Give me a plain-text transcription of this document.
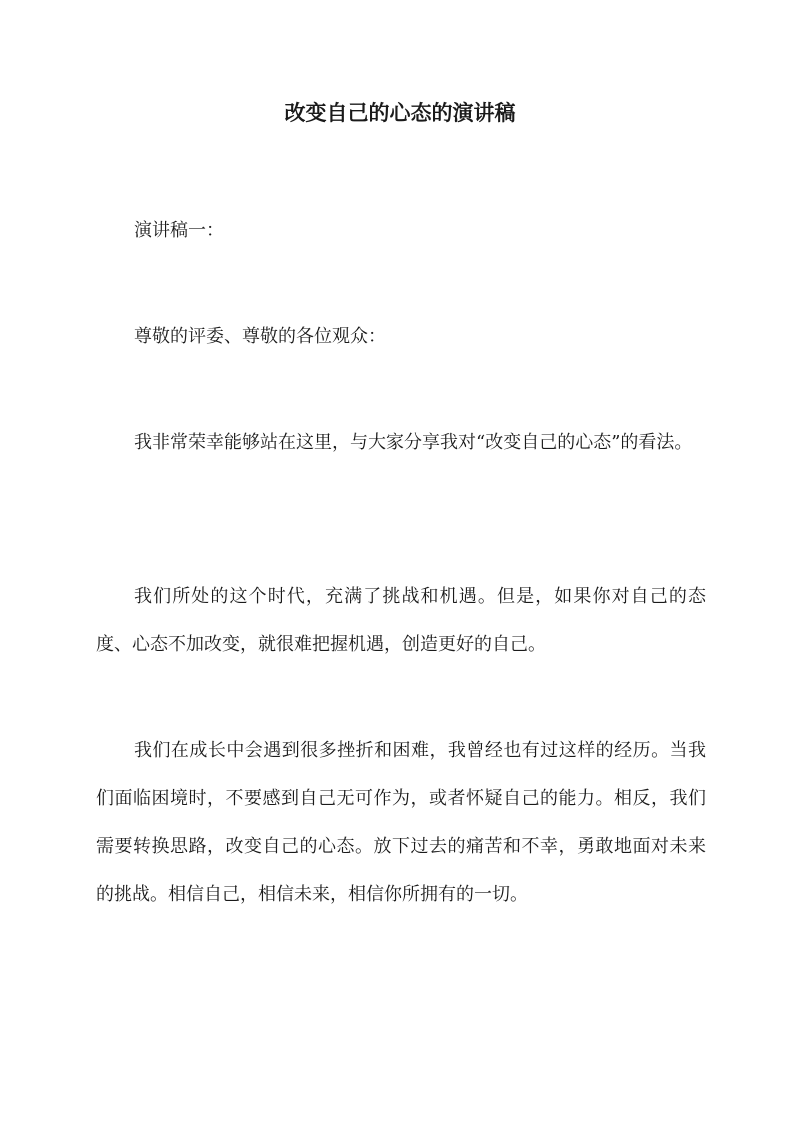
改变自己的心态的演讲稿

演讲稿一：

尊敬的评委、尊敬的各位观众：

我非常荣幸能够站在这里，与大家分享我对“改变自己的心态”的看法。

我们所处的这个时代，充满了挑战和机遇。但是，如果你对自己的态度、心态不加改变，就很难把握机遇，创造更好的自己。

我们在成长中会遇到很多挫折和困难，我曾经也有过这样的经历。当我们面临困境时，不要感到自己无可作为，或者怀疑自己的能力。相反，我们需要转换思路，改变自己的心态。放下过去的痛苦和不幸，勇敢地面对未来的挑战。相信自己，相信未来，相信你所拥有的一切。
